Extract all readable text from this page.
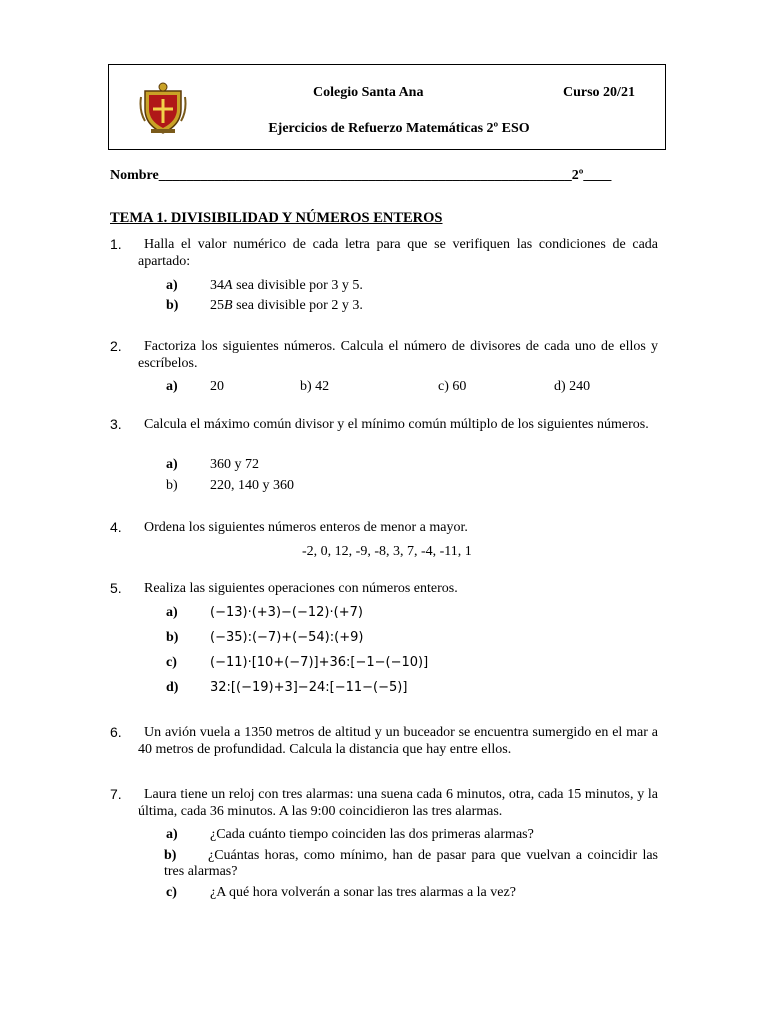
Colegio Santa Ana	Curso 20/21
Ejercicios de Refuerzo Matemáticas 2º ESO
Nombre___________________________________________________________2º____
TEMA 1. DIVISIBILIDAD Y NÚMEROS ENTEROS
1.	Halla el valor numérico de cada letra para que se verifiquen las condiciones de cada apartado:
a) 34A sea divisible por 3 y 5.
b) 25B sea divisible por 2 y 3.
2.	Factoriza los siguientes números. Calcula el número de divisores de cada uno de ellos y escríbelos.
a) 20	b) 42	c) 60	d) 240
3.	Calcula el máximo común divisor y el mínimo común múltiplo de los siguientes números.
a) 360 y 72
b) 220, 140 y 360
4.	Ordena los siguientes números enteros de menor a mayor.
-2, 0, 12, -9, -8, 3, 7, -4, -11, 1
5.	Realiza las siguientes operaciones con números enteros.
a) (−13)·(+3)−(−12)·(+7)
b) (−35):(−7)+(−54):(+9)
c)	(−11)·[10+(−7)]+36:[−1−(−10)]
d) 32:[(−19)+3]−24:[−11−(−5)]
6.	Un avión vuela a 1350 metros de altitud y un buceador se encuentra sumergido en el mar a 40 metros de profundidad. Calcula la distancia que hay entre ellos.
7.	Laura tiene un reloj con tres alarmas: una suena cada 6 minutos, otra, cada 15 minutos, y la última, cada 36 minutos. A las 9:00 coincidieron las tres alarmas.
a) ¿Cada cuánto tiempo coinciden las dos primeras alarmas?
b) ¿Cuántas horas, como mínimo, han de pasar para que vuelvan a coincidir las tres alarmas?
c) ¿A qué hora volverán a sonar las tres alarmas a la vez?
